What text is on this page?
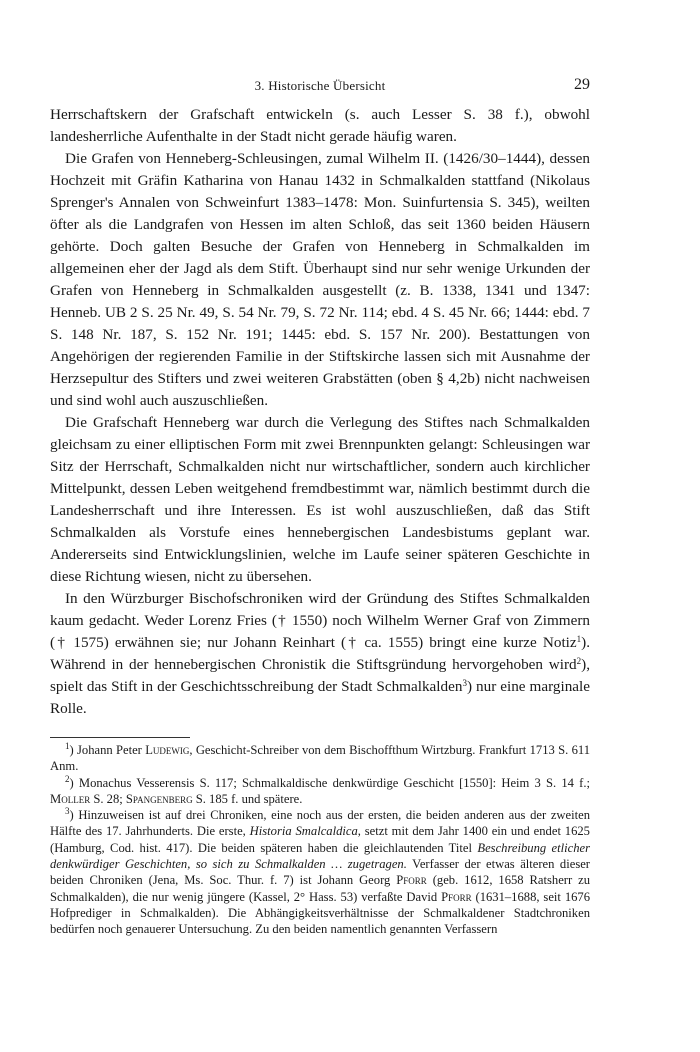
3. Historische Übersicht	29

Herrschaftskern der Grafschaft entwickeln (s. auch Lesser S. 38 f.), obwohl landesherrliche Aufenthalte in der Stadt nicht gerade häufig waren.

Die Grafen von Henneberg-Schleusingen, zumal Wilhelm II. (1426/30–1444), dessen Hochzeit mit Gräfin Katharina von Hanau 1432 in Schmalkalden stattfand (Nikolaus Sprenger's Annalen von Schweinfurt 1383–1478: Mon. Suinfurtensia S. 345), weilten öfter als die Landgrafen von Hessen im alten Schloß, das seit 1360 beiden Häusern gehörte. Doch galten Besuche der Grafen von Henneberg in Schmalkalden im allgemeinen eher der Jagd als dem Stift. Überhaupt sind nur sehr wenige Urkunden der Grafen von Henneberg in Schmalkalden ausgestellt (z. B. 1338, 1341 und 1347: Henneb. UB 2 S. 25 Nr. 49, S. 54 Nr. 79, S. 72 Nr. 114; ebd. 4 S. 45 Nr. 66; 1444: ebd. 7 S. 148 Nr. 187, S. 152 Nr. 191; 1445: ebd. S. 157 Nr. 200). Bestattungen von Angehörigen der regierenden Familie in der Stiftskirche lassen sich mit Ausnahme der Herzsepultur des Stifters und zwei weiteren Grabstätten (oben § 4,2b) nicht nachweisen und sind wohl auch auszuschließen.

Die Grafschaft Henneberg war durch die Verlegung des Stiftes nach Schmalkalden gleichsam zu einer elliptischen Form mit zwei Brennpunkten gelangt: Schleusingen war Sitz der Herrschaft, Schmalkalden nicht nur wirtschaftlicher, sondern auch kirchlicher Mittelpunkt, dessen Leben weitgehend fremdbestimmt war, nämlich bestimmt durch die Landesherrschaft und ihre Interessen. Es ist wohl auszuschließen, daß das Stift Schmalkalden als Vorstufe eines hennebergischen Landesbistums geplant war. Andererseits sind Entwicklungslinien, welche im Laufe seiner späteren Geschichte in diese Richtung wiesen, nicht zu übersehen.

In den Würzburger Bischofschroniken wird der Gründung des Stiftes Schmalkalden kaum gedacht. Weder Lorenz Fries († 1550) noch Wilhelm Werner Graf von Zimmern († 1575) erwähnen sie; nur Johann Reinhart († ca. 1555) bringt eine kurze Notiz$^1$). Während in der hennebergischen Chronistik die Stiftsgründung hervorgehoben wird$^2$), spielt das Stift in der Geschichtsschreibung der Stadt Schmalkalden$^3$) nur eine marginale Rolle.

$^1$) Johann Peter Ludewig, Geschicht-Schreiber von dem Bischoffthum Wirtzburg. Frankfurt 1713 S. 611 Anm.

$^2$) Monachus Vesserensis S. 117; Schmalkaldische denkwürdige Geschicht [1550]: Heim 3 S. 14 f.; Moller S. 28; Spangenberg S. 185 f. und spätere.

$^3$) Hinzuweisen ist auf drei Chroniken, eine noch aus der ersten, die beiden anderen aus der zweiten Hälfte des 17. Jahrhunderts. Die erste, Historia Smalcaldica, setzt mit dem Jahr 1400 ein und endet 1625 (Hamburg, Cod. hist. 417). Die beiden späteren haben die gleichlautenden Titel Beschreibung etlicher denkwürdiger Geschichten, so sich zu Schmalkalden … zugetragen. Verfasser der etwas älteren dieser beiden Chroniken (Jena, Ms. Soc. Thur. f. 7) ist Johann Georg Pforr (geb. 1612, 1658 Ratsherr zu Schmalkalden), die nur wenig jüngere (Kassel, 2° Hass. 53) verfaßte David Pforr (1631–1688, seit 1676 Hofprediger in Schmalkalden). Die Abhängigkeitsverhältnisse der Schmalkaldener Stadtchroniken bedürfen noch genauerer Untersuchung. Zu den beiden namentlich genannten Verfassern
